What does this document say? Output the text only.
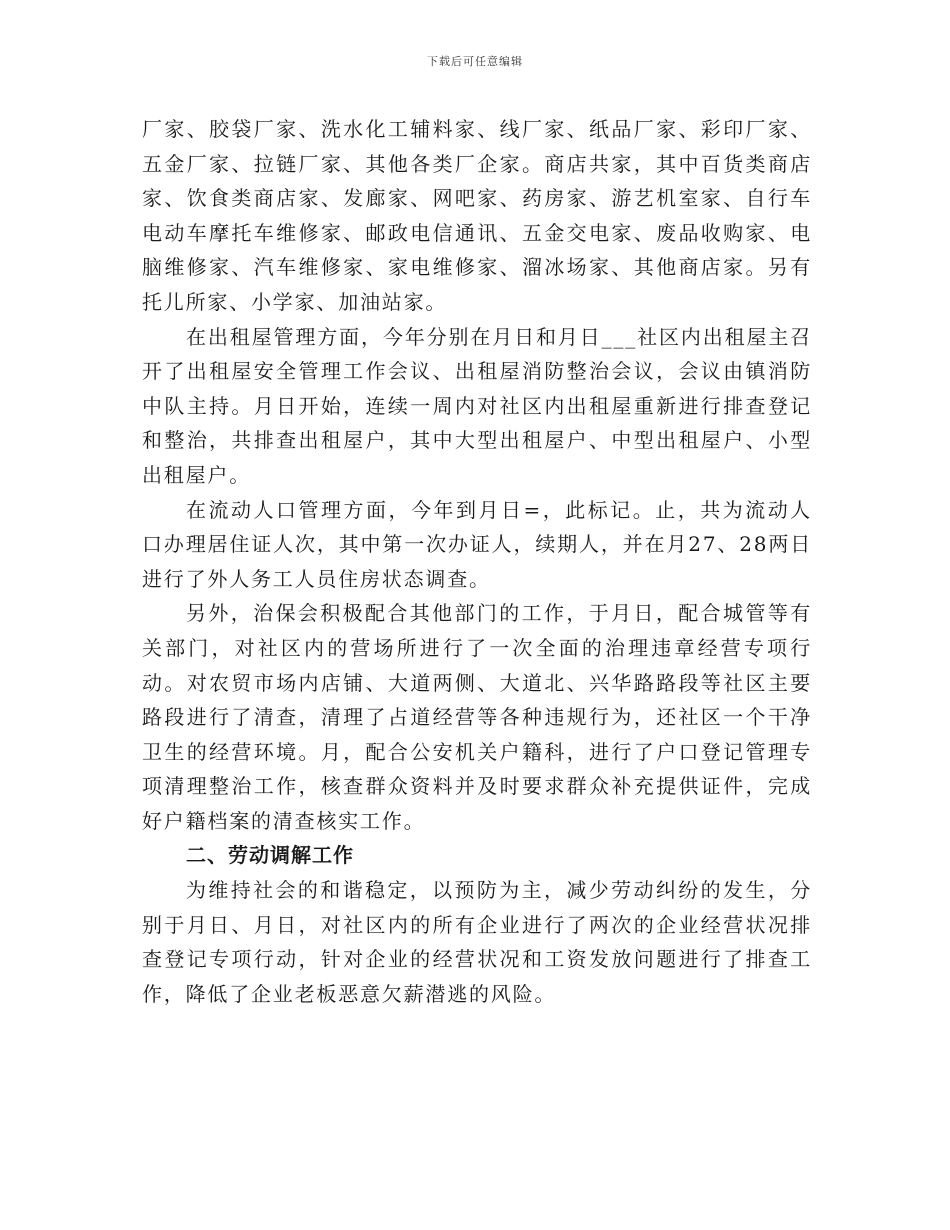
下载后可任意编辑

厂家、胶袋厂家、洗水化工辅料家、线厂家、纸品厂家、彩印厂家、五金厂家、拉链厂家、其他各类厂企家。商店共家，其中百货类商店家、饮食类商店家、发廊家、网吧家、药房家、游艺机室家、自行车电动车摩托车维修家、邮政电信通讯、五金交电家、废品收购家、电脑维修家、汽车维修家、家电维修家、溜冰场家、其他商店家。另有托儿所家、小学家、加油站家。

在出租屋管理方面，今年分别在月日和月日___社区内出租屋主召开了出租屋安全管理工作会议、出租屋消防整治会议，会议由镇消防中队主持。月日开始，连续一周内对社区内出租屋重新进行排查登记和整治，共排查出租屋户，其中大型出租屋户、中型出租屋户、小型出租屋户。

在流动人口管理方面，今年到月日=，此标记。止，共为流动人口办理居住证人次，其中第一次办证人，续期人，并在月27、28两日进行了外人务工人员住房状态调查。

另外，治保会积极配合其他部门的工作，于月日，配合城管等有关部门，对社区内的营场所进行了一次全面的治理违章经营专项行动。对农贸市场内店铺、大道两侧、大道北、兴华路路段等社区主要路段进行了清查，清理了占道经营等各种违规行为，还社区一个干净卫生的经营环境。月，配合公安机关户籍科，进行了户口登记管理专项清理整治工作，核查群众资料并及时要求群众补充提供证件，完成好户籍档案的清查核实工作。

二、劳动调解工作

为维持社会的和谐稳定，以预防为主，减少劳动纠纷的发生，分别于月日、月日，对社区内的所有企业进行了两次的企业经营状况排查登记专项行动，针对企业的经营状况和工资发放问题进行了排查工作，降低了企业老板恶意欠薪潜逃的风险。
